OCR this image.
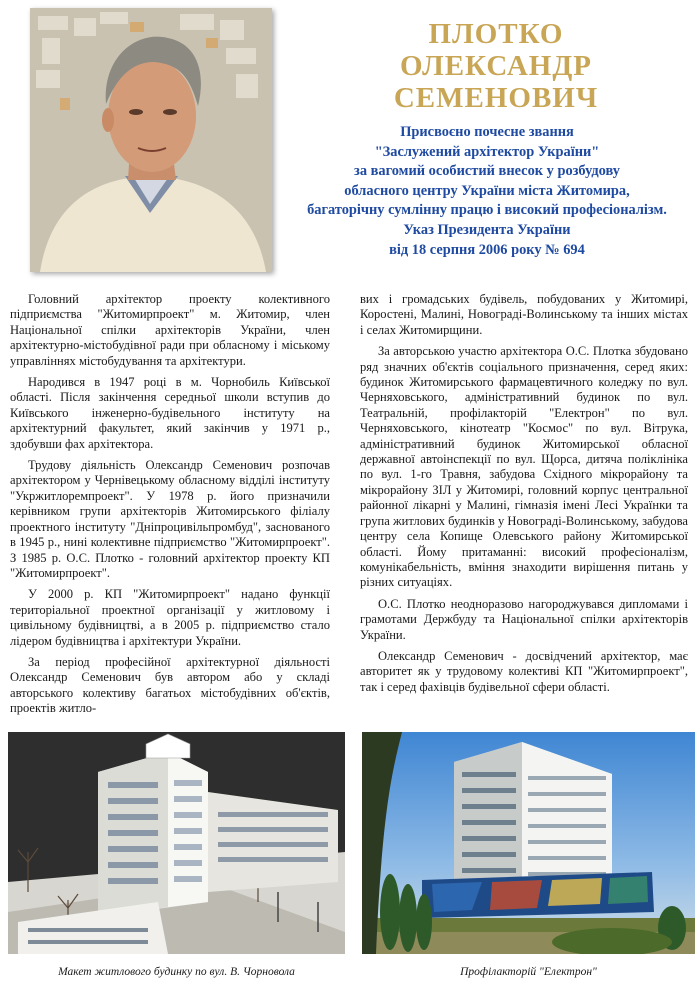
ПЛОТКО
ОЛЕКСАНДР СЕМЕНОВИЧ
Присвоєно почесне звання
"Заслужений архітектор України"
за вагомий особистий внесок у розбудову
обласного центру України міста Житомира,
багаторічну сумлінну працю і високий професіоналізм.
Указ Президента України
від 18 серпня 2006 року № 694

Головний архітектор проекту колективного підприємства "Житомирпроект" м. Житомир, член Національної спілки архітекторів України, член архітектурно-містобудівної ради при обласному і міському управліннях містобудування та архітектури.

Народився в 1947 році в м. Чорнобиль Київської області. Після закінчення середньої школи вступив до Київського інженерно-будівельного інституту на архітектурний факультет, який закінчив у 1971 р., здобувши фах архітектора.

Трудову діяльність Олександр Семенович розпочав архітектором у Чернівецькому обласному відділі інституту "Укржитлоремпроект". У 1978 р. його призначили керівником групи архітекторів Житомирського філіалу проектного інституту "Дніпроцивільпромбуд", заснованого в 1945 р., нині колективне підприємство "Житомирпроект". З 1985 р. О.С. Плотко - головний архітектор проекту КП "Житомирпроект".

У 2000 р. КП "Житомирпроект" надано функції територіальної проектної організації у житловому і цивільному будівництві, а в 2005 р. підприємство стало лідером будівництва і архітектури України.

За період професійної архітектурної діяльності Олександр Семенович був автором або у складі авторського колективу багатьох містобудівних об'єктів, проектів житло-

вих і громадських будівель, побудованих у Житомирі, Коростені, Малині, Новограді-Волинському та інших містах і селах Житомирщини.

За авторською участю архітектора О.С. Плотка збудовано ряд значних об'єктів соціального призначення, серед яких: будинок Житомирського фармацевтичного коледжу по вул. Черняховського, адміністративний будинок по вул. Театральній, профілакторій "Електрон" по вул. Черняховського, кінотеатр "Космос" по вул. Вітрука, адміністративний будинок Житомирської обласної державної автоінспекції по вул. Щорса, дитяча поліклініка по вул. 1-го Травня, забудова Східного мікрорайону та мікрорайону ЗІЛ у Житомирі, головний корпус центральної районної лікарні у Малині, гімназія імені Лесі Українки та група житлових будинків у Новограді-Волинському, забудова центру села Копище Олевського району Житомирської області. Йому притаманні: високий професіоналізм, комунікабельність, вміння знаходити вирішення питань у різних ситуаціях.

О.С. Плотко неодноразово нагороджувався дипломами і грамотами Держбуду та Національної спілки архітекторів України.

Олександр Семенович - досвідчений архітектор, має авторитет як у трудовому колективі КП "Житомирпроект", так і серед фахівців будівельної сфери області.

Макет житлового будинку по вул. В. Чорновола	Профілакторій "Електрон"
